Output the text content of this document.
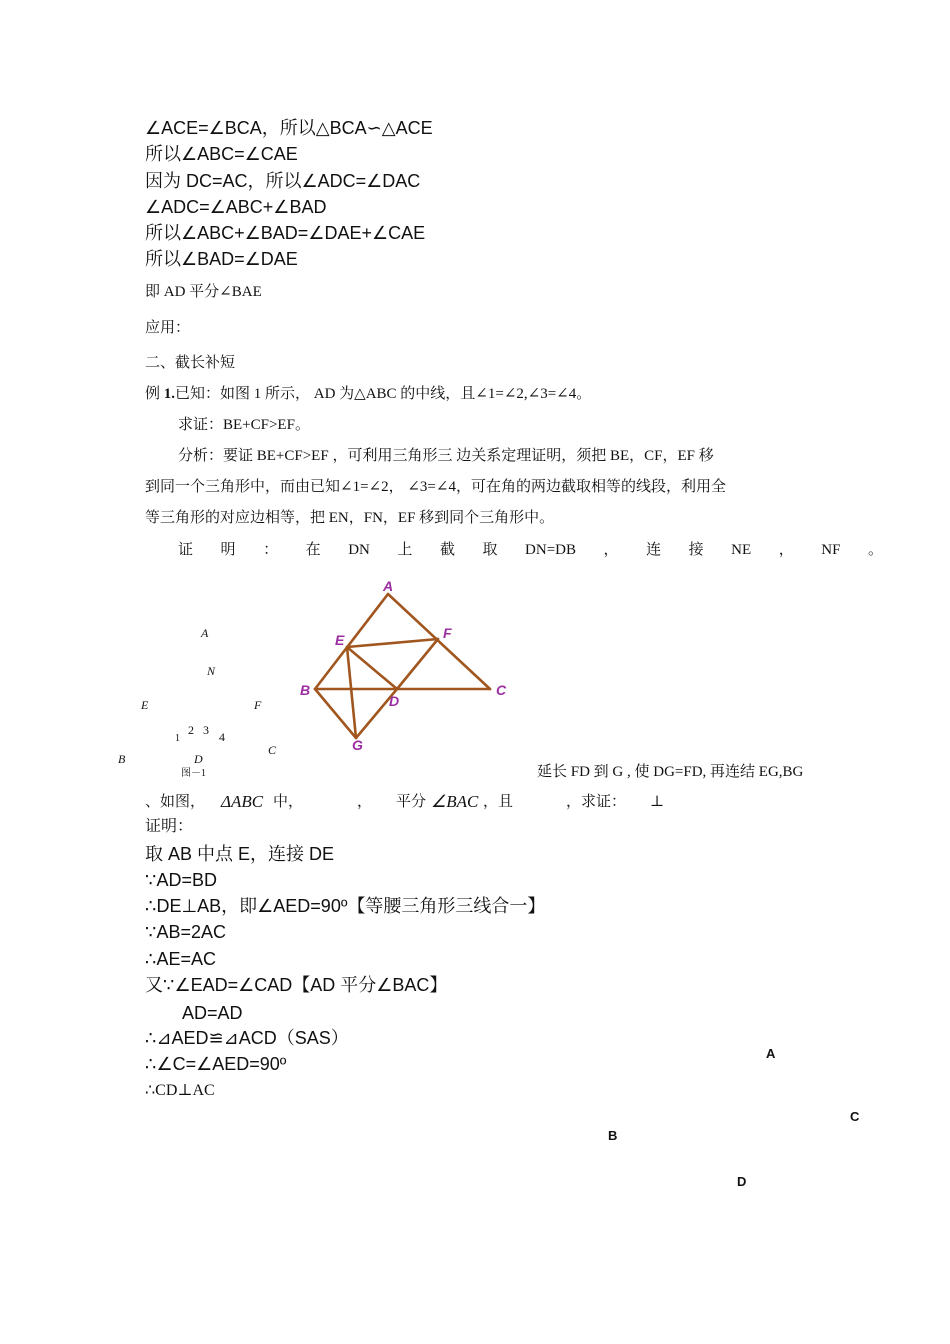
∠ACE=∠BCA，所以△BCA∽△ACE
所以∠ABC=∠CAE
因为 DC=AC，所以∠ADC=∠DAC
∠ADC=∠ABC+∠BAD
所以∠ABC+∠BAD=∠DAE+∠CAE
所以∠BAD=∠DAE
即 AD 平分∠BAE
应用：
二、截长补短
例 1.已知：如图 1 所示， AD 为△ABC 的中线，且∠1=∠2,∠3=∠4。
求证：BE+CF>EF。
分析：要证 BE+CF>EF ，可利用三角形三 边关系定理证明，须把 BE，CF，EF 移
到同一个三角形中，而由已知∠1=∠2， ∠3=∠4，可在角的两边截取相等的线段，利用全
等三角形的对应边相等，把 EN，FN，EF 移到同个三角形中。
证 明 ： 在 DN 上 截 取 DN=DB ， 连 接 NE ， NF 。
A
N
E	F
1
2 3 4
C
B	D
图－1
A
E	F
B
D
C
G
延长 FD 到 G , 使 DG=FD, 再连结 EG,BG
、如图， ΔABC 中，	， 平分 ∠BAC ，且	，求证： ⊥
证明：
取 AB 中点 E，连接 DE
∵AD=BD
∴DE⊥AB，即∠AED=90º【等腰三角形三线合一】
∵AB=2AC
∴AE=AC
又∵∠EAD=∠CAD【AD 平分∠BAC】
AD=AD
∴⊿AED≌⊿ACD（SAS）
∴∠C=∠AED=90º
∴CD⊥AC
A
C
B
D
